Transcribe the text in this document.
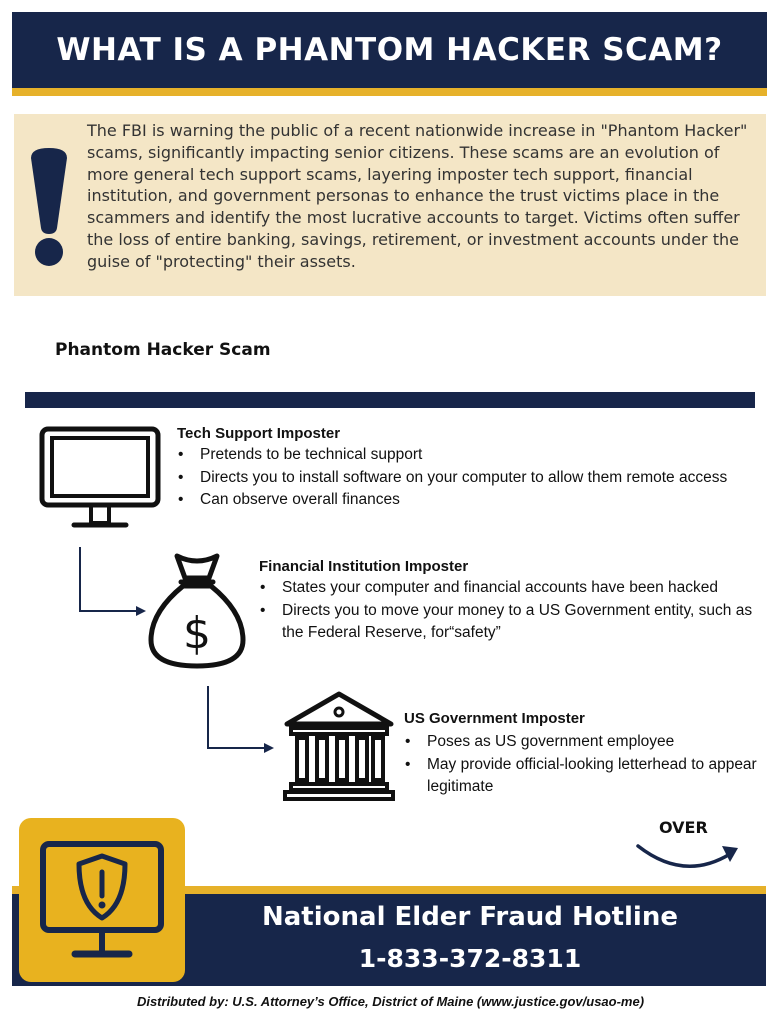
WHAT IS A PHANTOM HACKER SCAM?

The FBI is warning the public of a recent nationwide increase in "Phantom Hacker" scams, significantly impacting senior citizens. These scams are an evolution of more general tech support scams, layering imposter tech support, financial institution, and government personas to enhance the trust victims place in the scammers and identify the most lucrative accounts to target. Victims often suffer the loss of entire banking, savings, retirement, or investment accounts under the guise of "protecting" their assets.

Phantom Hacker Scam
Tech Support Imposter
• Pretends to be technical support
• Directs you to install software on your computer to allow them remote access
• Can observe overall finances
$
Financial Institution Imposter
• States your computer and financial accounts have been hacked
• Directs you to move your money to a US Government entity, such as the Federal Reserve, for“safety”
US Government Imposter
• Poses as US government employee
• May provide official-looking letterhead to appear legitimate
OVER
National Elder Fraud Hotline
1-833-372-8311
Distributed by: U.S. Attorney’s Office, District of Maine (www.justice.gov/usao-me)
